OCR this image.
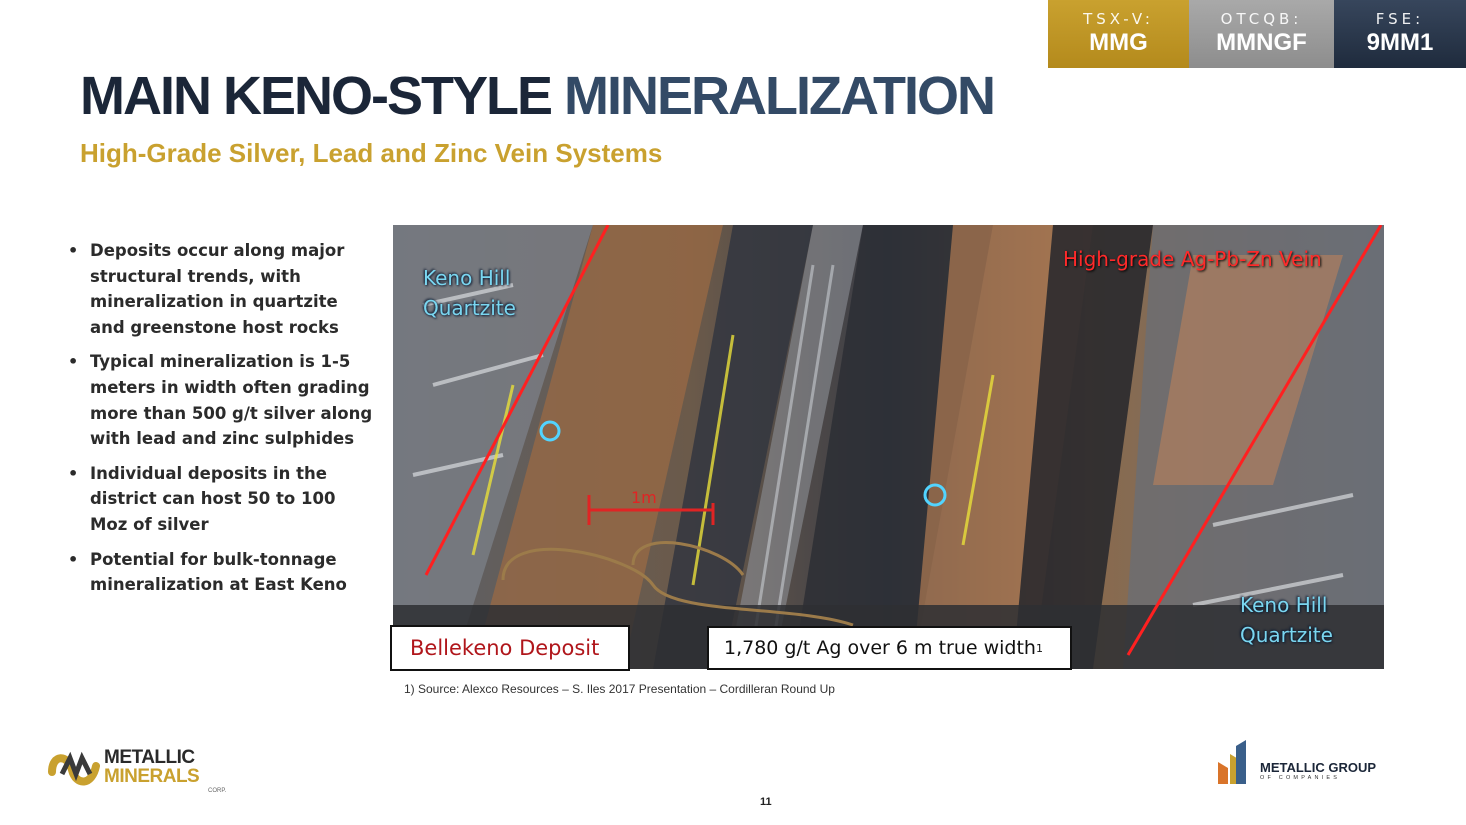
TSX-V:
MMG
OTCQB:
MMNGF
FSE:
9MM1
MAIN KENO-STYLE MINERALIZATION
High-Grade Silver, Lead and Zinc Vein Systems
• Deposits occur along major structural trends, with mineralization in quartzite and greenstone host rocks
• Typical mineralization is 1-5 meters in width often grading more than 500 g/t silver along with lead and zinc sulphides
• Individual deposits in the district can host 50 to 100 Moz of silver
• Potential for bulk-tonnage mineralization at East Keno
1m
Keno Hill
Quartzite
High-grade Ag-Pb-Zn Vein
Keno Hill
Quartzite
Bellekeno Deposit	1,780 g/t Ag over 6 m true width 1
1) Source: Alexco Resources – S. Iles 2017 Presentation – Cordilleran Round Up
11
METALLIC
MINERALS
CORP.
METALLIC GROUP
OF COMPANIES
